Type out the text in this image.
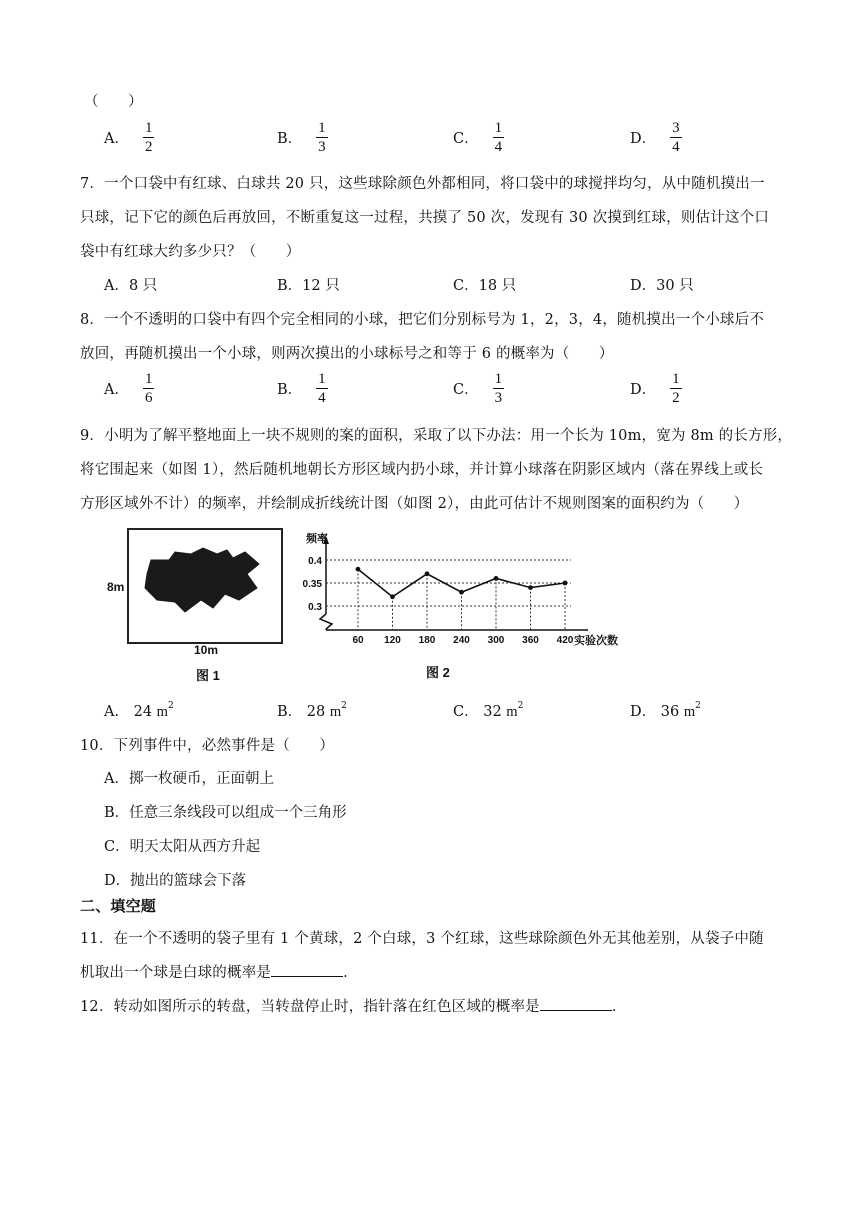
（　　）
A． $\frac{1}{2}$	B． $\frac{1}{3}$	C． $\frac{1}{4}$	D． $\frac{3}{4}$
7．一个口袋中有红球、白球共 20 只，这些球除颜色外都相同，将口袋中的球搅拌均匀，从中随机摸出一
只球，记下它的颜色后再放回，不断重复这一过程，共摸了 50 次，发现有 30 次摸到红球，则估计这个口
袋中有红球大约多少只？（　　）
A．8 只	B．12 只	C．18 只	D．30 只
8．一个不透明的口袋中有四个完全相同的小球，把它们分别标号为 1，2，3，4，随机摸出一个小球后不
放回，再随机摸出一个小球，则两次摸出的小球标号之和等于 6 的概率为（　　）
A． $\frac{1}{6}$	B． $\frac{1}{4}$	C． $\frac{1}{3}$	D． $\frac{1}{2}$
9．小明为了解平整地面上一块不规则的案的面积，采取了以下办法：用一个长为 10m，宽为 8m 的长方形，
将它围起来（如图 1），然后随机地朝长方形区域内扔小球，并计算小球落在阴影区域内（落在界线上或长
方形区域外不计）的频率，并绘制成折线统计图（如图 2），由此可估计不规则图案的面积约为（　　）
8m
10m
图 1
0.4
0.35
0.3
60 120 180 240 300 360 420
频率
实验次数
图 2
A． 24 $m^2$	B． 28 $m^2$	C． 32 $m^2$	D． 36 $m^2$
10．下列事件中，必然事件是（　　）
A．掷一枚硬币，正面朝上
B．任意三条线段可以组成一个三角形
C．明天太阳从西方升起
D．抛出的篮球会下落
二、填空题
11．在一个不透明的袋子里有 1 个黄球，2 个白球，3 个红球，这些球除颜色外无其他差别，从袋子中随
机取出一个球是白球的概率是	.
12．转动如图所示的转盘，当转盘停止时，指针落在红色区域的概率是	.
